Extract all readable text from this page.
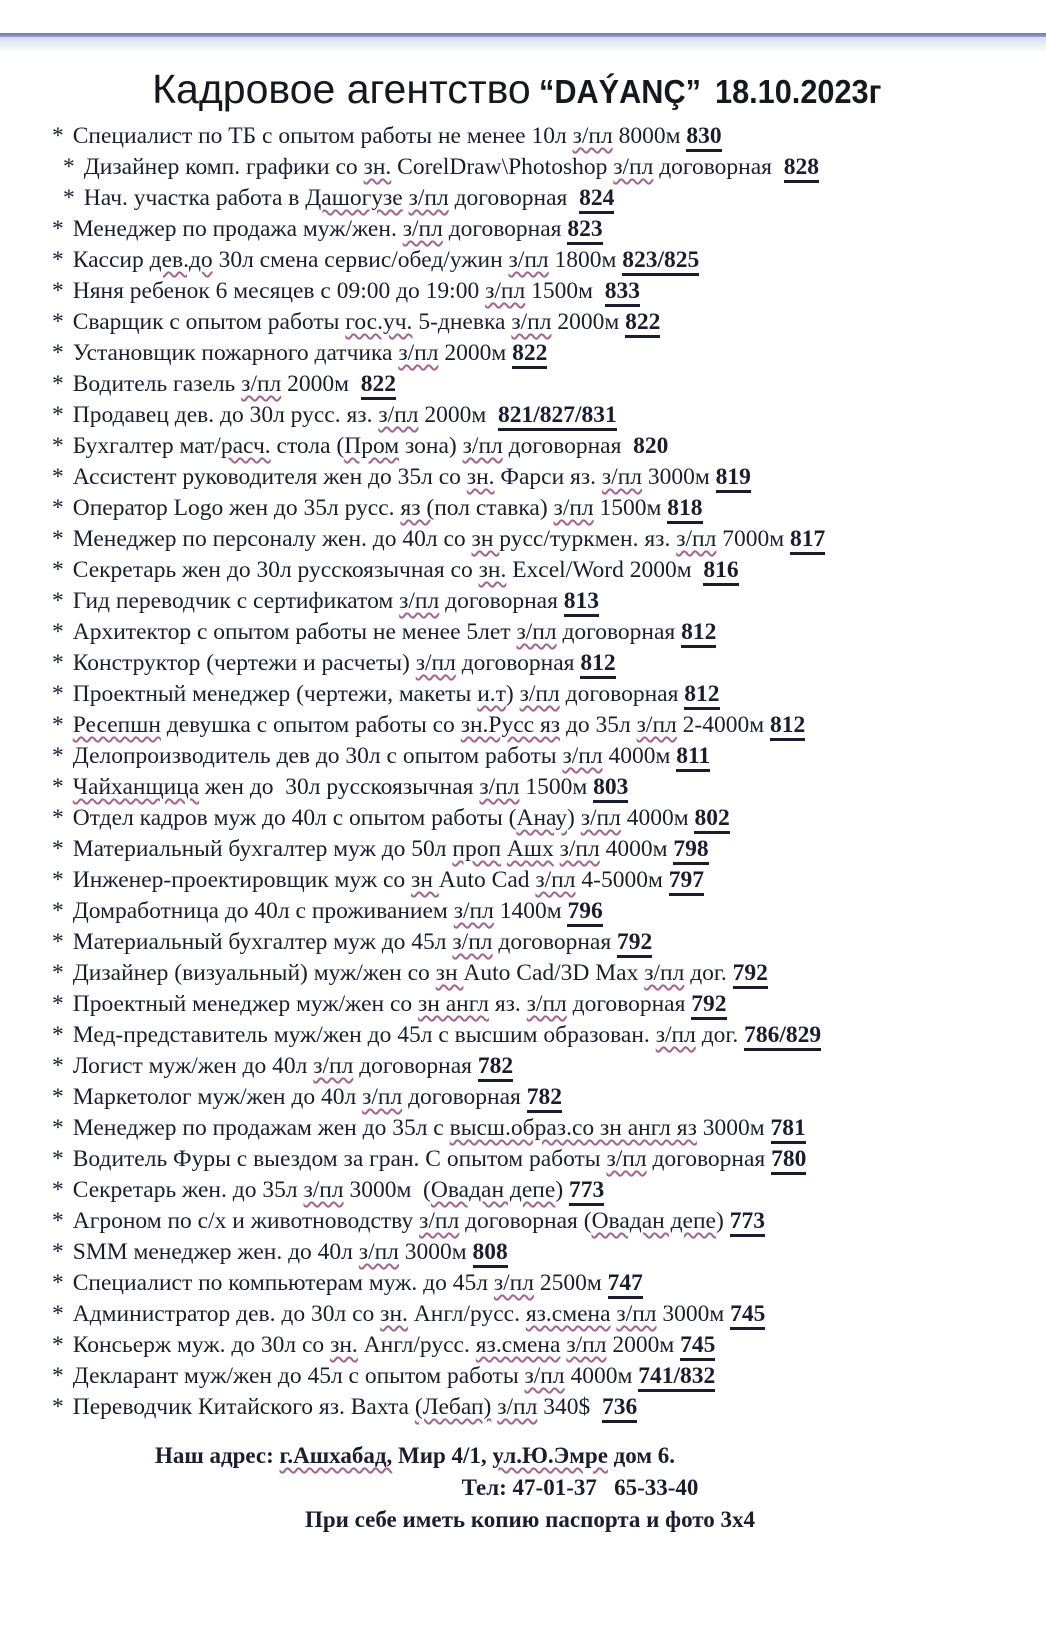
Кадровое агентство “DAÝANÇ” 18.10.2023г
* Специалист по ТБ с опытом работы не менее 10л з/пл 8000м 830
* Дизайнер комп. графики со зн. CorelDraw\Photoshop з/пл договорная  828
* Нач. участка работа в Дашогузе з/пл договорная  824
* Менеджер по продажа муж/жен. з/пл договорная 823
* Кассир дев.до 30л смена сервис/обед/ужин з/пл 1800м 823/825
* Няня ребенок 6 месяцев с 09:00 до 19:00 з/пл 1500м  833
* Сварщик с опытом работы гос.уч. 5-дневка з/пл 2000м 822
* Установщик пожарного датчика з/пл 2000м 822
* Водитель газель з/пл 2000м  822
* Продавец дев. до 30л русс. яз. з/пл 2000м  821/827/831
* Бухгалтер мат/расч. стола (Пром зона) з/пл договорная  820
* Ассистент руководителя жен до 35л со зн. Фарси яз. з/пл 3000м 819
* Оператор Logo жен до 35л русс. яз (пол ставка) з/пл 1500м 818
* Менеджер по персоналу жен. до 40л со зн русс/туркмен. яз. з/пл 7000м 817
* Секретарь жен до 30л русскоязычная со зн. Excel/Word 2000м  816
* Гид переводчик с сертификатом з/пл договорная 813
* Архитектор с опытом работы не менее 5лет з/пл договорная 812
* Конструктор (чертежи и расчеты) з/пл договорная 812
* Проектный менеджер (чертежи, макеты и.т) з/пл договорная 812
* Ресепшн девушка с опытом работы со зн.Русс яз до 35л з/пл 2-4000м 812
* Делопроизводитель дев до 30л с опытом работы з/пл 4000м 811
* Чайханщица жен до  30л русскоязычная з/пл 1500м 803
* Отдел кадров муж до 40л с опытом работы (Анау) з/пл 4000м 802
* Материальный бухгалтер муж до 50л проп Ашх з/пл 4000м 798
* Инженер-проектировщик муж со зн Auto Cad з/пл 4-5000м 797
* Домработница до 40л с проживанием з/пл 1400м 796
* Материальный бухгалтер муж до 45л з/пл договорная 792
* Дизайнер (визуальный) муж/жен со зн Auto Cad/3D Max з/пл дог. 792
* Проектный менеджер муж/жен со зн англ яз. з/пл договорная 792
* Мед-представитель муж/жен до 45л с высшим образован. з/пл дог. 786/829
* Логист муж/жен до 40л з/пл договорная 782
* Маркетолог муж/жен до 40л з/пл договорная 782
* Менеджер по продажам жен до 35л с высш.образ.со зн англ яз 3000м 781
* Водитель Фуры с выездом за гран. С опытом работы з/пл договорная 780
* Секретарь жен. до 35л з/пл 3000м  (Овадан депе) 773
* Агроном по с/х и животноводству з/пл договорная (Овадан депе) 773
* SMM менеджер жен. до 40л з/пл 3000м 808
* Специалист по компьютерам муж. до 45л з/пл 2500м 747
* Администратор дев. до 30л со зн. Англ/русс. яз.смена з/пл 3000м 745
* Консьерж муж. до 30л со зн. Англ/русс. яз.смена з/пл 2000м 745
* Декларант муж/жен до 45л с опытом работы з/пл 4000м 741/832
* Переводчик Китайского яз. Вахта (Лебап) з/пл 340$  736
Наш адрес: г.Ашхабад, Мир 4/1, ул.Ю.Эмре дом 6.
Тел: 47-01-37   65-33-40
При себе иметь копию паспорта и фото 3х4
